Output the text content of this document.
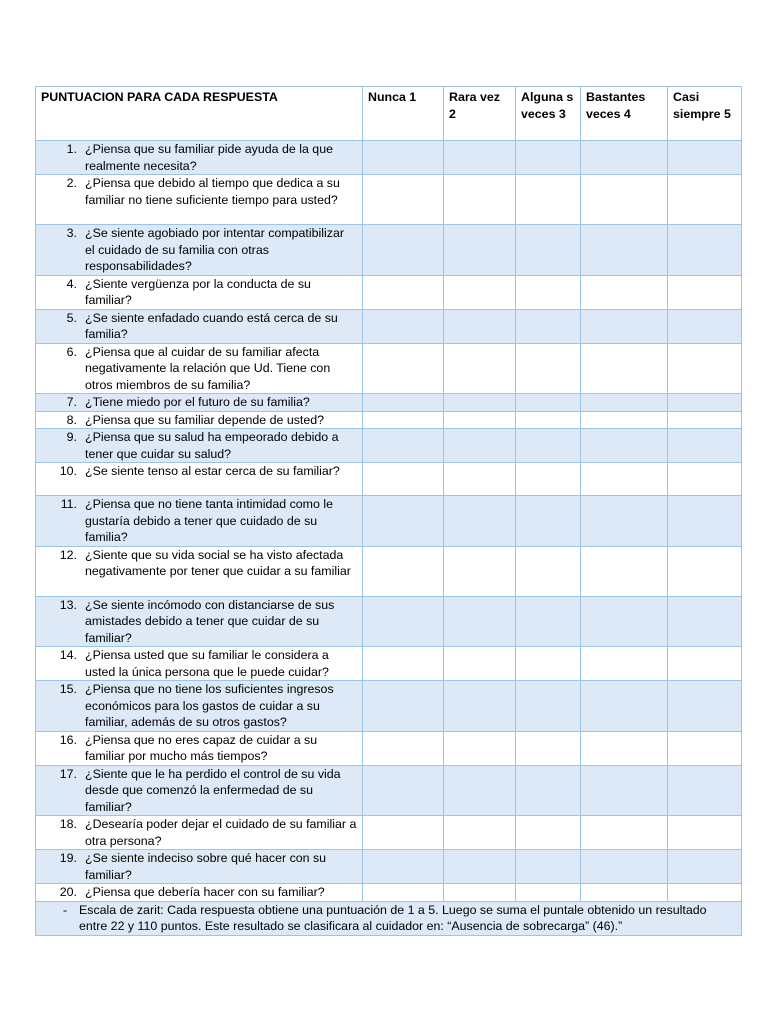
PUNTUACION PARA CADA RESPUESTA	Nunca 1	Rara vez 2	Alguna s veces 3	Bastantes veces 4	Casi siempre 5

1. ¿Piensa que su familiar pide ayuda de la que realmente necesita?					

2. ¿Piensa que debido al tiempo que dedica a su familiar no tiene suficiente tiempo para usted?					

3. ¿Se siente agobiado por intentar compatibilizar el cuidado de su familia con otras responsabilidades?					

4. ¿Siente vergüenza por la conducta de su familiar?					

5. ¿Se siente enfadado cuando está cerca de su familia?					

6. ¿Piensa que al cuidar de su familiar afecta negativamente la relación que Ud. Tiene con otros miembros de su familia?					

7. ¿Tiene miedo por el futuro de su familia?					

8. ¿Piensa que su familiar depende de usted?					

9. ¿Piensa que su salud ha empeorado debido a tener que cuidar su salud?					

10. ¿Se siente tenso al estar cerca de su familiar?					

11. ¿Piensa que no tiene tanta intimidad como le gustaría debido a tener que cuidado de su familia?					

12. ¿Siente que su vida social se ha visto afectada negativamente por tener que cuidar a su familiar					

13. ¿Se siente incómodo con distanciarse de sus amistades debido a tener que cuidar de su familiar?					

14. ¿Piensa usted que su familiar le considera a usted la única persona que le puede cuidar?					

15. ¿Piensa que no tiene los suficientes ingresos económicos para los gastos de cuidar a su familiar, además de su otros gastos?					

16. ¿Piensa que no eres capaz de cuidar a su familiar por mucho más tiempos?					

17. ¿Siente que le ha perdido el control de su vida desde que comenzó la enfermedad de su familiar?					

18. ¿Desearía poder dejar el cuidado de su familiar a otra persona?					

19. ¿Se siente indeciso sobre qué hacer con su familiar?					

20. ¿Piensa que debería hacer con su familiar?					

- Escala de zarit: Cada respuesta obtiene una puntuación de 1 a 5. Luego se suma el puntale obtenido un resultado entre 22 y 110 puntos. Este resultado se clasificara al cuidador en: “Ausencia de sobrecarga” (46).”					
